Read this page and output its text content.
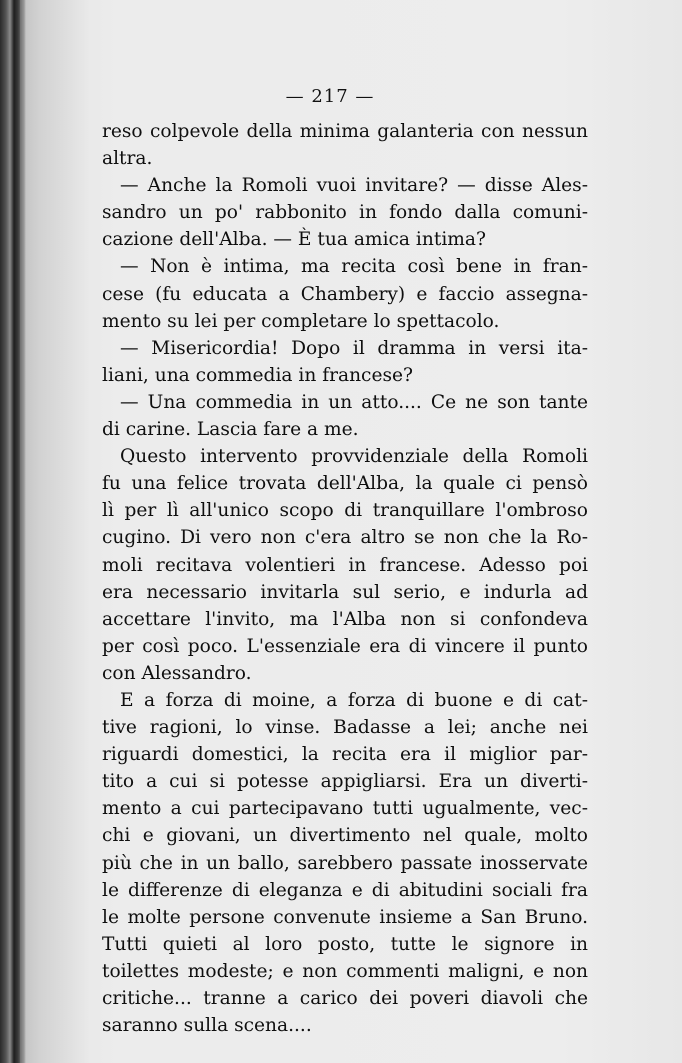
— 217 —

reso colpevole della minima galanteria con nessun

altra.

— Anche la Romoli vuoi invitare? — disse Ales-

sandro un po' rabbonito in fondo dalla comuni-

cazione dell'Alba. — È tua amica intima?

— Non è intima, ma recita così bene in fran-

cese (fu educata a Chambery) e faccio assegna-

mento su lei per completare lo spettacolo.

— Misericordia! Dopo il dramma in versi ita-

liani, una commedia in francese?

— Una commedia in un atto.... Ce ne son tante

di carine. Lascia fare a me.

Questo intervento provvidenziale della Romoli

fu una felice trovata dell'Alba, la quale ci pensò

lì per lì all'unico scopo di tranquillare l'ombroso

cugino. Di vero non c'era altro se non che la Ro-

moli recitava volentieri in francese. Adesso poi

era necessario invitarla sul serio, e indurla ad

accettare l'invito, ma l'Alba non si confondeva

per così poco. L'essenziale era di vincere il punto

con Alessandro.

E a forza di moine, a forza di buone e di cat-

tive ragioni, lo vinse. Badasse a lei; anche nei

riguardi domestici, la recita era il miglior par-

tito a cui si potesse appigliarsi. Era un diverti-

mento a cui partecipavano tutti ugualmente, vec-

chi e giovani, un divertimento nel quale, molto

più che in un ballo, sarebbero passate inosservate

le differenze di eleganza e di abitudini sociali fra

le molte persone convenute insieme a San Bruno.

Tutti quieti al loro posto, tutte le signore in

toilettes modeste; e non commenti maligni, e non

critiche... tranne a carico dei poveri diavoli che

saranno sulla scena....
